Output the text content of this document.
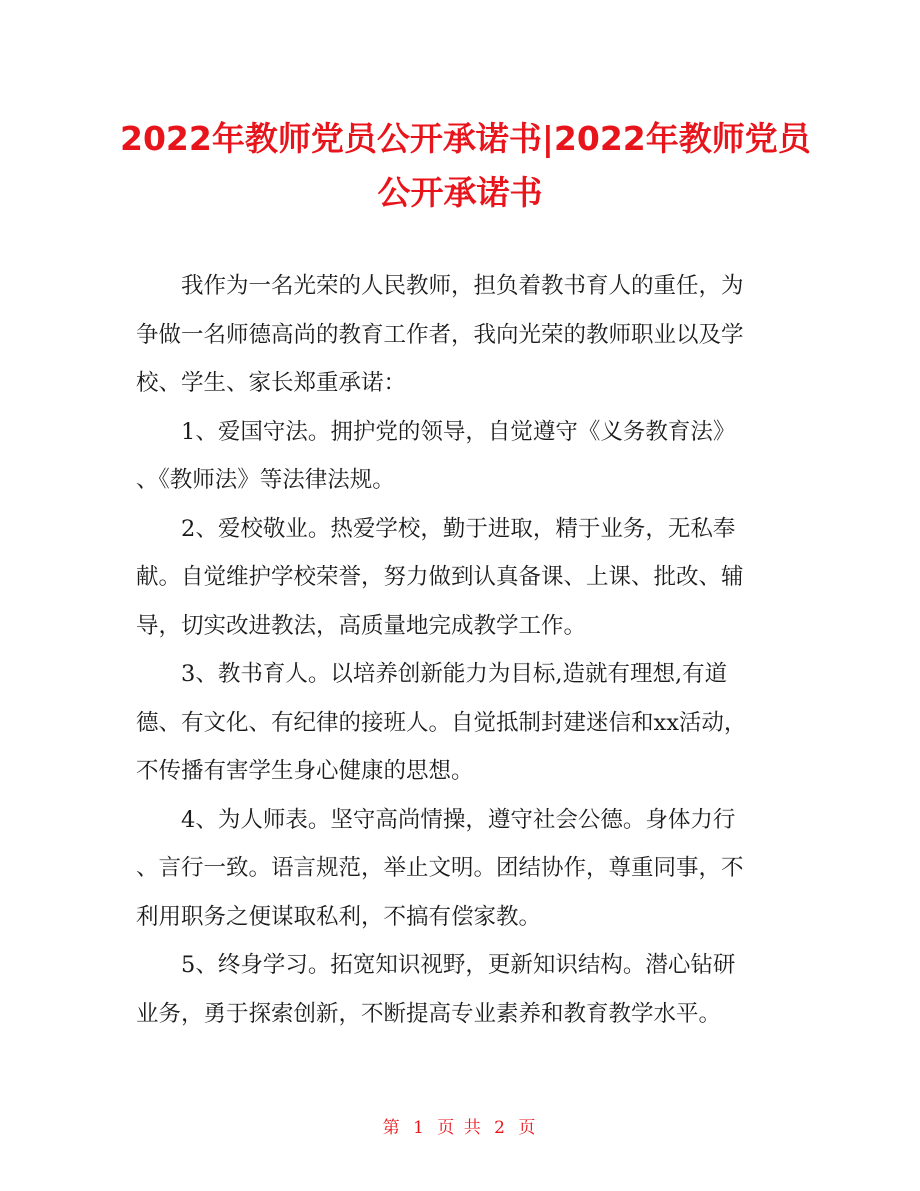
2022年教师党员公开承诺书|2022年教师党员
公开承诺书

我作为一名光荣的人民教师，担负着教书育人的重任，为
争做一名师德高尚的教育工作者，我向光荣的教师职业以及学
校、学生、家长郑重承诺：

1、爱国守法。拥护党的领导，自觉遵守《义务教育法》
、《教师法》等法律法规。

2、爱校敬业。热爱学校，勤于进取，精于业务，无私奉
献。自觉维护学校荣誉，努力做到认真备课、上课、批改、辅
导，切实改进教法，高质量地完成教学工作。

3、教书育人。以培养创新能力为目标,造就有理想,有道
德、有文化、有纪律的接班人。自觉抵制封建迷信和xx活动，
不传播有害学生身心健康的思想。

4、为人师表。坚守高尚情操，遵守社会公德。身体力行
、言行一致。语言规范，举止文明。团结协作，尊重同事，不
利用职务之便谋取私利，不搞有偿家教。

5、终身学习。拓宽知识视野，更新知识结构。潜心钻研
业务，勇于探索创新，不断提高专业素养和教育教学水平。

第 1 页 共 2 页
